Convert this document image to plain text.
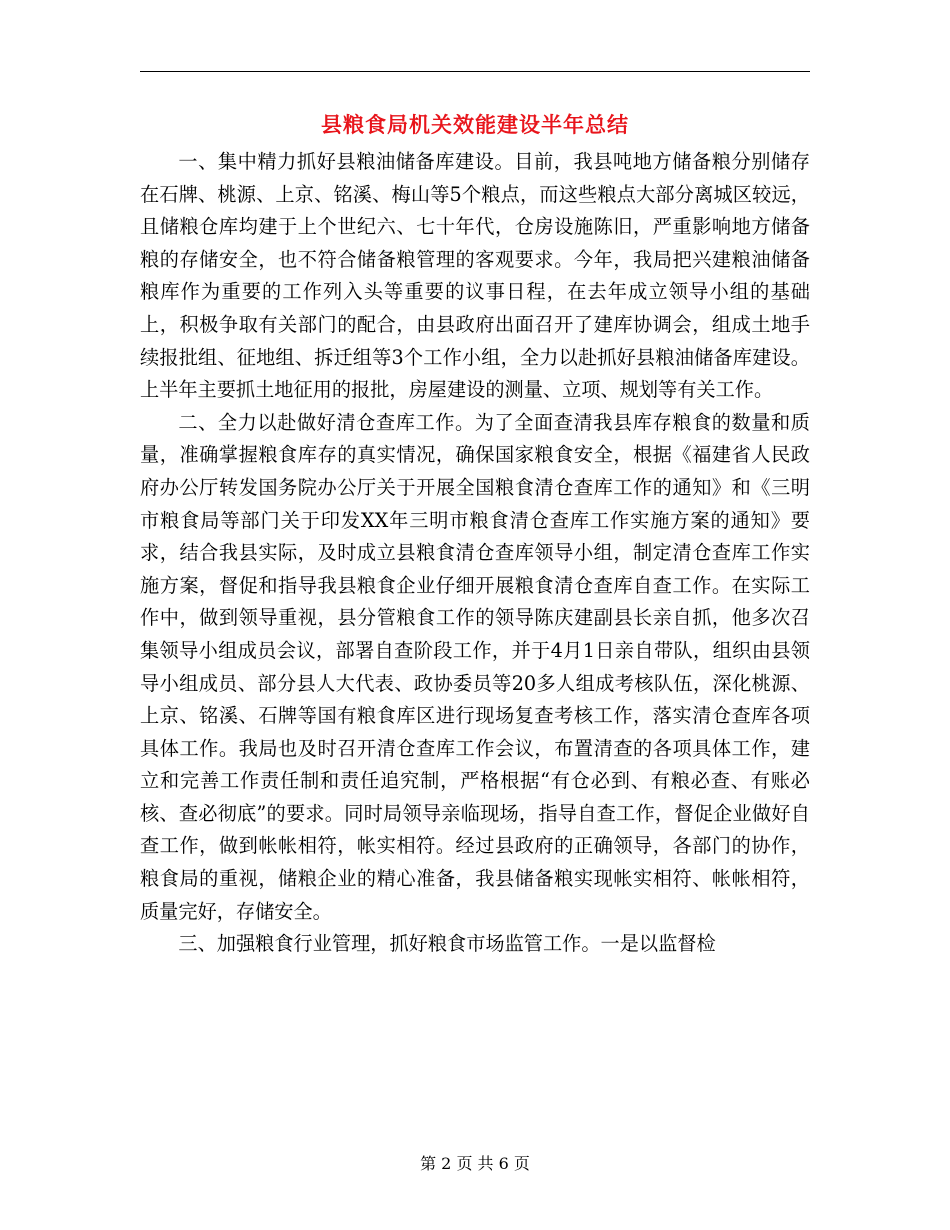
县粮食局机关效能建设半年总结

一、集中精力抓好县粮油储备库建设。目前，我县吨地方储备粮分别储存在石牌、桃源、上京、铭溪、梅山等5个粮点，而这些粮点大部分离城区较远，且储粮仓库均建于上个世纪六、七十年代，仓房设施陈旧，严重影响地方储备粮的存储安全，也不符合储备粮管理的客观要求。今年，我局把兴建粮油储备粮库作为重要的工作列入头等重要的议事日程，在去年成立领导小组的基础上，积极争取有关部门的配合，由县政府出面召开了建库协调会，组成土地手续报批组、征地组、拆迁组等3个工作小组，全力以赴抓好县粮油储备库建设。上半年主要抓土地征用的报批，房屋建设的测量、立项、规划等有关工作。

二、全力以赴做好清仓查库工作。为了全面查清我县库存粮食的数量和质量，准确掌握粮食库存的真实情况，确保国家粮食安全，根据《福建省人民政府办公厅转发国务院办公厅关于开展全国粮食清仓查库工作的通知》和《三明市粮食局等部门关于印发XX年三明市粮食清仓查库工作实施方案的通知》要求，结合我县实际，及时成立县粮食清仓查库领导小组，制定清仓查库工作实施方案，督促和指导我县粮食企业仔细开展粮食清仓查库自查工作。在实际工作中，做到领导重视，县分管粮食工作的领导陈庆建副县长亲自抓，他多次召集领导小组成员会议，部署自查阶段工作，并于4月1日亲自带队，组织由县领导小组成员、部分县人大代表、政协委员等20多人组成考核队伍，深化桃源、上京、铭溪、石牌等国有粮食库区进行现场复查考核工作，落实清仓查库各项具体工作。我局也及时召开清仓查库工作会议，布置清查的各项具体工作，建立和完善工作责任制和责任追究制，严格根据“有仓必到、有粮必查、有账必核、查必彻底”的要求。同时局领导亲临现场，指导自查工作，督促企业做好自查工作，做到帐帐相符，帐实相符。经过县政府的正确领导，各部门的协作，粮食局的重视，储粮企业的精心准备，我县储备粮实现帐实相符、帐帐相符，质量完好，存储安全。

三、加强粮食行业管理，抓好粮食市场监管工作。一是以监督检

第 2 页 共 6 页
